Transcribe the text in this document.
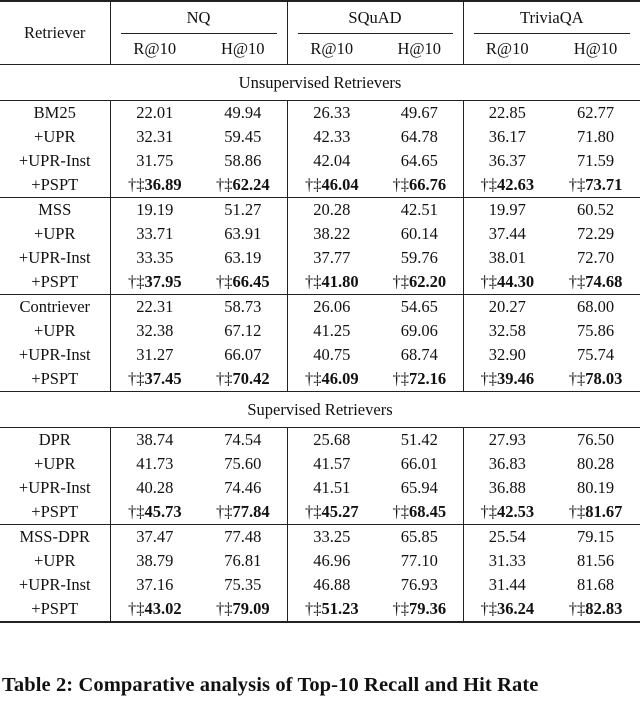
Retriever	NQ		SQuAD		TriviaQA	
	R@10	H@10	R@10	H@10	R@10	H@10
Unsupervised Retrievers						
BM25	22.01	49.94	26.33	49.67	22.85	62.77
+UPR	32.31	59.45	42.33	64.78	36.17	71.80
+UPR-Inst	31.75	58.86	42.04	64.65	36.37	71.59
+PSPT	†‡36.89	†‡62.24	†‡46.04	†‡66.76	†‡42.63	†‡73.71
MSS	19.19	51.27	20.28	42.51	19.97	60.52
+UPR	33.71	63.91	38.22	60.14	37.44	72.29
+UPR-Inst	33.35	63.19	37.77	59.76	38.01	72.70
+PSPT	†‡37.95	†‡66.45	†‡41.80	†‡62.20	†‡44.30	†‡74.68
Contriever	22.31	58.73	26.06	54.65	20.27	68.00
+UPR	32.38	67.12	41.25	69.06	32.58	75.86
+UPR-Inst	31.27	66.07	40.75	68.74	32.90	75.74
+PSPT	†‡37.45	†‡70.42	†‡46.09	†‡72.16	†‡39.46	†‡78.03
Supervised Retrievers						
DPR	38.74	74.54	25.68	51.42	27.93	76.50
+UPR	41.73	75.60	41.57	66.01	36.83	80.28
+UPR-Inst	40.28	74.46	41.51	65.94	36.88	80.19
+PSPT	†‡45.73	†‡77.84	†‡45.27	†‡68.45	†‡42.53	†‡81.67
MSS-DPR	37.47	77.48	33.25	65.85	25.54	79.15
+UPR	38.79	76.81	46.96	77.10	31.33	81.56
+UPR-Inst	37.16	75.35	46.88	76.93	31.44	81.68
+PSPT	†‡43.02	†‡79.09	†‡51.23	†‡79.36	†‡36.24	†‡82.83
Table 2: Comparative analysis of Top-10 Recall and Hit Rate
